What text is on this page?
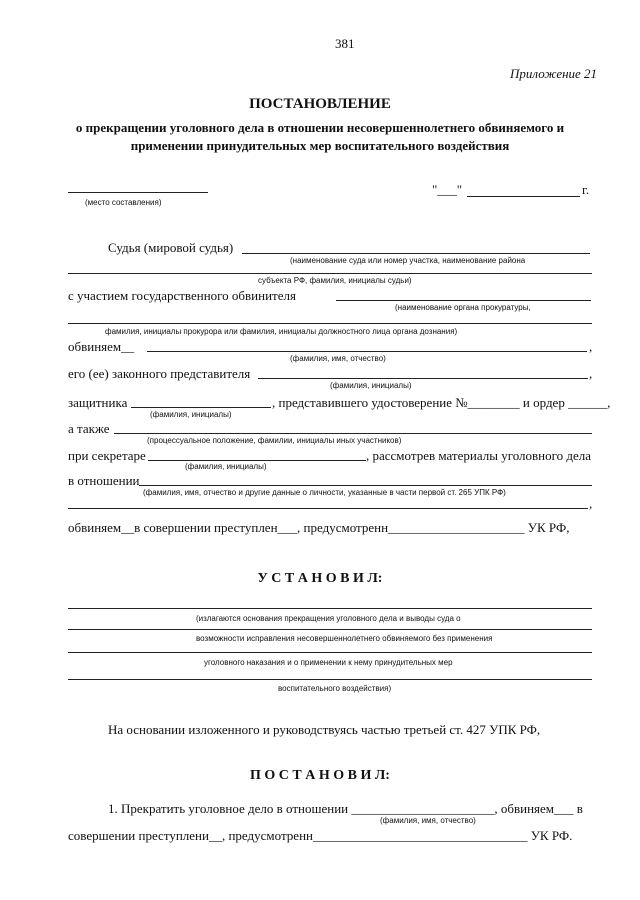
381
Приложение 21
ПОСТАНОВЛЕНИЕ
о прекращении уголовного дела в отношении несовершеннолетнего обвиняемого и
применении принудительных мер воспитательного воздействия
(место составления)
"___"	г.
Судья (мировой судья)
(наименование суда или номер участка, наименование района
субъекта РФ, фамилия, инициалы судьи)
с участием государственного обвинителя
(наименование органа прокуратуры,
фамилия, инициалы прокурора или фамилия, инициалы должностного лица органа дознания)
обвиняем__	,
(фамилия, имя, отчество)
его (ее) законного представителя	,
(фамилия, инициалы)
защитника	, представившего удостоверение №________ и ордер ______,
(фамилия, инициалы)
а также
(процессуальное положение, фамилии, инициалы иных участников)
при секретаре	, рассмотрев материалы уголовного дела
(фамилия, инициалы)
в отношении
(фамилия, имя, отчество и другие данные о личности, указанные в части первой ст. 265 УПК РФ)
,
обвиняем__в совершении преступлен___, предусмотренн_____________________ УК РФ,
У С Т А Н О В И Л:
(излагаются основания прекращения уголовного дела и выводы суда о
возможности исправления несовершеннолетнего обвиняемого без применения
уголовного наказания и о применении к нему принудительных мер
воспитательного воздействия)
На основании изложенного и руководствуясь частью третьей ст. 427 УПК РФ,
П О С Т А Н О В И Л:
1. Прекратить уголовное дело в отношении ______________________, обвиняем___ в
(фамилия, имя, отчество)
совершении преступлени__, предусмотренн_________________________________ УК РФ.
